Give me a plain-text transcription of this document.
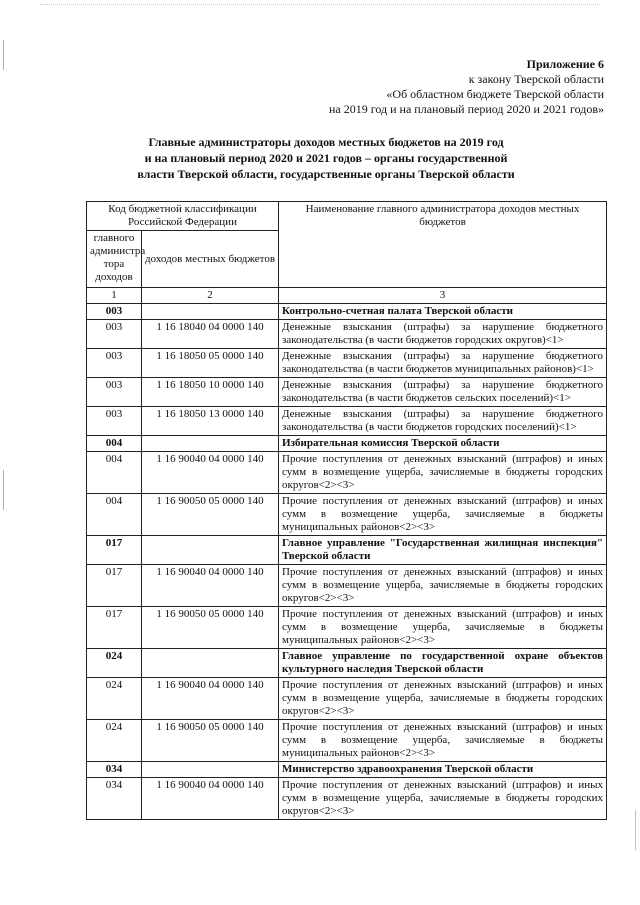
Приложение 6
к закону Тверской области
«Об областном бюджете Тверской области
на 2019 год и на плановый период 2020 и 2021 годов»
Главные администраторы доходов местных бюджетов на 2019 год
и на плановый период 2020 и 2021 годов – органы государственной
власти Тверской области, государственные органы Тверской области
Код бюджетной классификации Российской Федерации		Наименование главного администратора доходов местных бюджетов
главного администра тора доходов	доходов местных бюджетов	
1	2	3
003		Контрольно-счетная палата Тверской области
003	1 16 18040 04 0000 140	Денежные взыскания (штрафы) за нарушение бюджетного законодательства (в части бюджетов городских округов)<1>
003	1 16 18050 05 0000 140	Денежные взыскания (штрафы) за нарушение бюджетного законодательства (в части бюджетов муниципальных районов)<1>
003	1 16 18050 10 0000 140	Денежные взыскания (штрафы) за нарушение бюджетного законодательства (в части бюджетов сельских поселений)<1>
003	1 16 18050 13 0000 140	Денежные взыскания (штрафы) за нарушение бюджетного законодательства (в части бюджетов городских поселений)<1>
004		Избирательная комиссия Тверской области
004	1 16 90040 04 0000 140	Прочие поступления от денежных взысканий (штрафов) и иных сумм в возмещение ущерба, зачисляемые в бюджеты городских округов<2><3>
004	1 16 90050 05 0000 140	Прочие поступления от денежных взысканий (штрафов) и иных сумм в возмещение ущерба, зачисляемые в бюджеты муниципальных районов<2><3>
017		Главное управление "Государственная жилищная инспекция" Тверской области
017	1 16 90040 04 0000 140	Прочие поступления от денежных взысканий (штрафов) и иных сумм в возмещение ущерба, зачисляемые в бюджеты городских округов<2><3>
017	1 16 90050 05 0000 140	Прочие поступления от денежных взысканий (штрафов) и иных сумм в возмещение ущерба, зачисляемые в бюджеты муниципальных районов<2><3>
024		Главное управление по государственной охране объектов культурного наследия Тверской области
024	1 16 90040 04 0000 140	Прочие поступления от денежных взысканий (штрафов) и иных сумм в возмещение ущерба, зачисляемые в бюджеты городских округов<2><3>
024	1 16 90050 05 0000 140	Прочие поступления от денежных взысканий (штрафов) и иных сумм в возмещение ущерба, зачисляемые в бюджеты муниципальных районов<2><3>
034		Министерство здравоохранения Тверской области
034	1 16 90040 04 0000 140	Прочие поступления от денежных взысканий (штрафов) и иных сумм в возмещение ущерба, зачисляемые в бюджеты городских округов<2><3>
